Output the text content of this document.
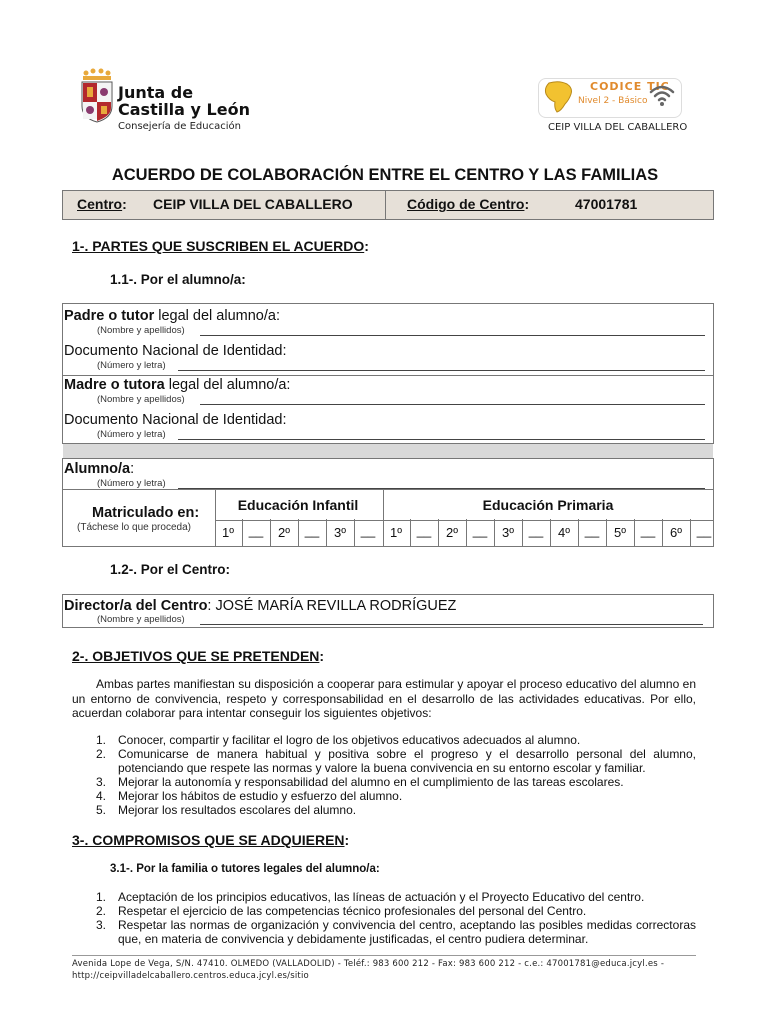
Junta de
Castilla y León
Consejería de Educación
CODICE TIC
Nivel 2 - Básico
CEIP VILLA DEL CABALLERO
ACUERDO DE COLABORACIÓN ENTRE EL CENTRO Y LAS FAMILIAS
Centro: CEIP VILLA DEL CABALLERO	Código de Centro:	47001781
1-. PARTES QUE SUSCRIBEN EL ACUERDO:
1.1-. Por el alumno/a:
Padre o tutor legal del alumno/a:
(Nombre y apellidos)
Documento Nacional de Identidad:
(Número y letra)
Madre o tutora legal del alumno/a:
(Nombre y apellidos)
Documento Nacional de Identidad:
(Número y letra)
Alumno/a:
(Número y letra)
Matriculado en:
(Táchese lo que proceda)
Educación Infantil	Educación Primaria
1º	__	2º	__	3º	__	1º	__	2º	__	3º	__	4º	__	5º	__	6º	__
1.2-. Por el Centro:
Director/a del Centro: JOSÉ MARÍA REVILLA RODRÍGUEZ
(Nombre y apellidos)
2-. OBJETIVOS QUE SE PRETENDEN:
Ambas partes manifiestan su disposición a cooperar para estimular y apoyar el proceso educativo del alumno en un entorno de convivencia, respeto y corresponsabilidad en el desarrollo de las actividades educativas. Por ello, acuerdan colaborar para intentar conseguir los siguientes objetivos:
1. Conocer, compartir y facilitar el logro de los objetivos educativos adecuados al alumno.
2. Comunicarse de manera habitual y positiva sobre el progreso y el desarrollo personal del alumno, potenciando que respete las normas y valore la buena convivencia en su entorno escolar y familiar.
3. Mejorar la autonomía y responsabilidad del alumno en el cumplimiento de las tareas escolares.
4. Mejorar los hábitos de estudio y esfuerzo del alumno.
5. Mejorar los resultados escolares del alumno.
3-. COMPROMISOS QUE SE ADQUIEREN:
3.1-. Por la familia o tutores legales del alumno/a:
1. Aceptación de los principios educativos, las líneas de actuación y el Proyecto Educativo del centro.
2. Respetar el ejercicio de las competencias técnico profesionales del personal del Centro.
3. Respetar las normas de organización y convivencia del centro, aceptando las posibles medidas correctoras que, en materia de convivencia y debidamente justificadas, el centro pudiera determinar.
Avenida Lope de Vega, S/N. 47410. OLMEDO (VALLADOLID) - Teléf.: 983 600 212 - Fax: 983 600 212 - c.e.: 47001781@educa.jcyl.es -
http://ceipvilladelcaballero.centros.educa.jcyl.es/sitio
